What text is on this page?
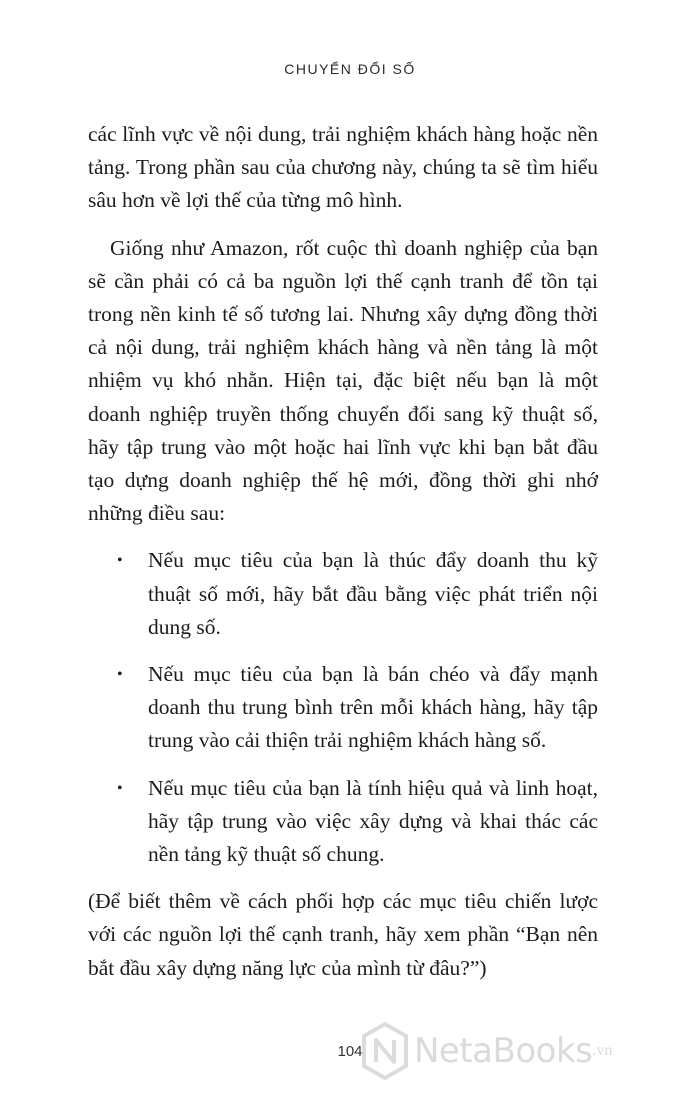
CHUYỂN ĐỔI SỐ

các lĩnh vực về nội dung, trải nghiệm khách hàng hoặc nền tảng. Trong phần sau của chương này, chúng ta sẽ tìm hiểu sâu hơn về lợi thế của từng mô hình.

Giống như Amazon, rốt cuộc thì doanh nghiệp của bạn sẽ cần phải có cả ba nguồn lợi thế cạnh tranh để tồn tại trong nền kinh tế số tương lai. Nhưng xây dựng đồng thời cả nội dung, trải nghiệm khách hàng và nền tảng là một nhiệm vụ khó nhằn. Hiện tại, đặc biệt nếu bạn là một doanh nghiệp truyền thống chuyển đổi sang kỹ thuật số, hãy tập trung vào một hoặc hai lĩnh vực khi bạn bắt đầu tạo dựng doanh nghiệp thế hệ mới, đồng thời ghi nhớ những điều sau:

• Nếu mục tiêu của bạn là thúc đẩy doanh thu kỹ thuật số mới, hãy bắt đầu bằng việc phát triển nội dung số.
• Nếu mục tiêu của bạn là bán chéo và đẩy mạnh doanh thu trung bình trên mỗi khách hàng, hãy tập trung vào cải thiện trải nghiệm khách hàng số.
• Nếu mục tiêu của bạn là tính hiệu quả và linh hoạt, hãy tập trung vào việc xây dựng và khai thác các nền tảng kỹ thuật số chung.

(Để biết thêm về cách phối hợp các mục tiêu chiến lược với các nguồn lợi thế cạnh tranh, hãy xem phần “Bạn nên bắt đầu xây dựng năng lực của mình từ đâu?”)

104	NetaBooks .vn
